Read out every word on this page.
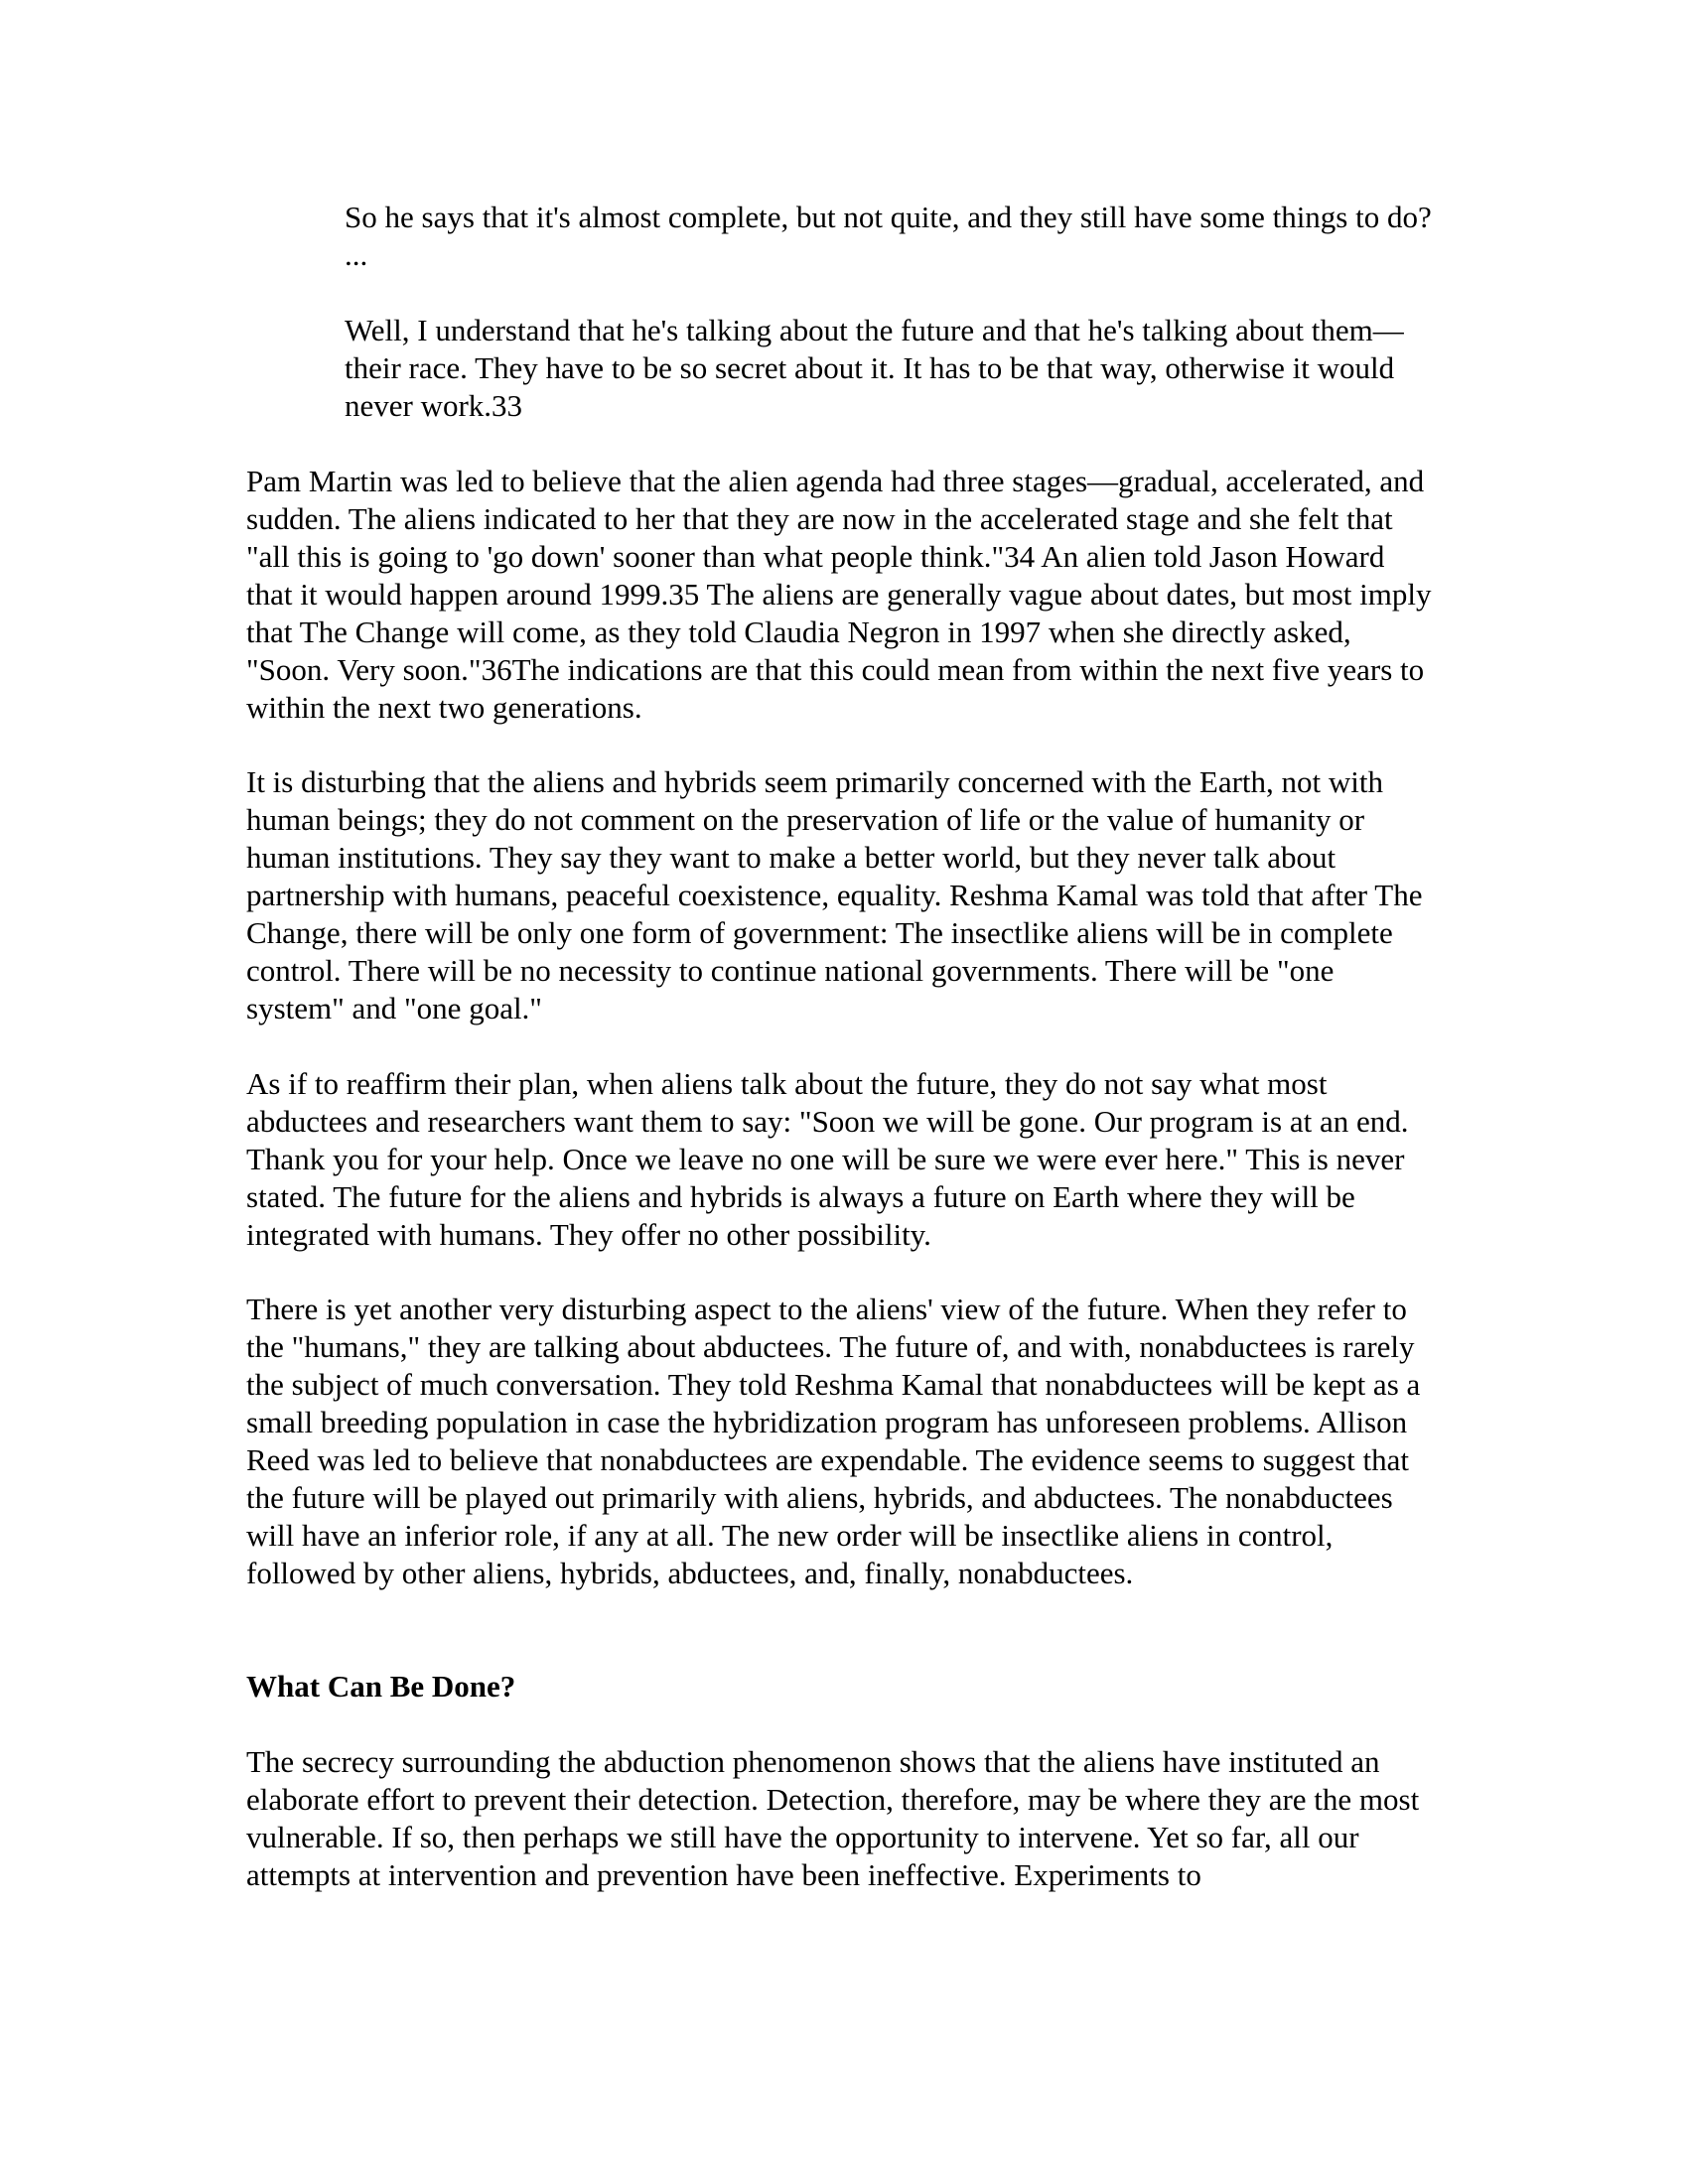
So he says that it's almost complete, but not quite, and they still have some things to do? ...

Well, I understand that he's talking about the future and that he's talking about them—their race. They have to be so secret about it. It has to be that way, otherwise it would never work.33

Pam Martin was led to believe that the alien agenda had three stages—gradual, accelerated, and sudden. The aliens indicated to her that they are now in the accelerated stage and she felt that "all this is going to 'go down' sooner than what people think."34 An alien told Jason Howard that it would happen around 1999.35 The aliens are generally vague about dates, but most imply that The Change will come, as they told Claudia Negron in 1997 when she directly asked, "Soon. Very soon."36The indications are that this could mean from within the next five years to within the next two generations.

It is disturbing that the aliens and hybrids seem primarily concerned with the Earth, not with human beings; they do not comment on the preservation of life or the value of humanity or human institutions. They say they want to make a better world, but they never talk about partnership with humans, peaceful coexistence, equality. Reshma Kamal was told that after The Change, there will be only one form of government: The insectlike aliens will be in complete control. There will be no necessity to continue national governments. There will be "one system" and "one goal."

As if to reaffirm their plan, when aliens talk about the future, they do not say what most abductees and researchers want them to say: "Soon we will be gone. Our program is at an end. Thank you for your help. Once we leave no one will be sure we were ever here." This is never stated. The future for the aliens and hybrids is always a future on Earth where they will be integrated with humans. They offer no other possibility.

There is yet another very disturbing aspect to the aliens' view of the future. When they refer to the "humans," they are talking about abductees. The future of, and with, nonabductees is rarely the subject of much conversation. They told Reshma Kamal that nonabductees will be kept as a small breeding population in case the hybridization program has unforeseen problems. Allison Reed was led to believe that nonabductees are expendable. The evidence seems to suggest that the future will be played out primarily with aliens, hybrids, and abductees. The nonabductees will have an inferior role, if any at all. The new order will be insectlike aliens in control, followed by other aliens, hybrids, abductees, and, finally, nonabductees.

What Can Be Done?

The secrecy surrounding the abduction phenomenon shows that the aliens have instituted an elaborate effort to prevent their detection. Detection, therefore, may be where they are the most vulnerable. If so, then perhaps we still have the opportunity to intervene. Yet so far, all our attempts at intervention and prevention have been ineffective. Experiments to
